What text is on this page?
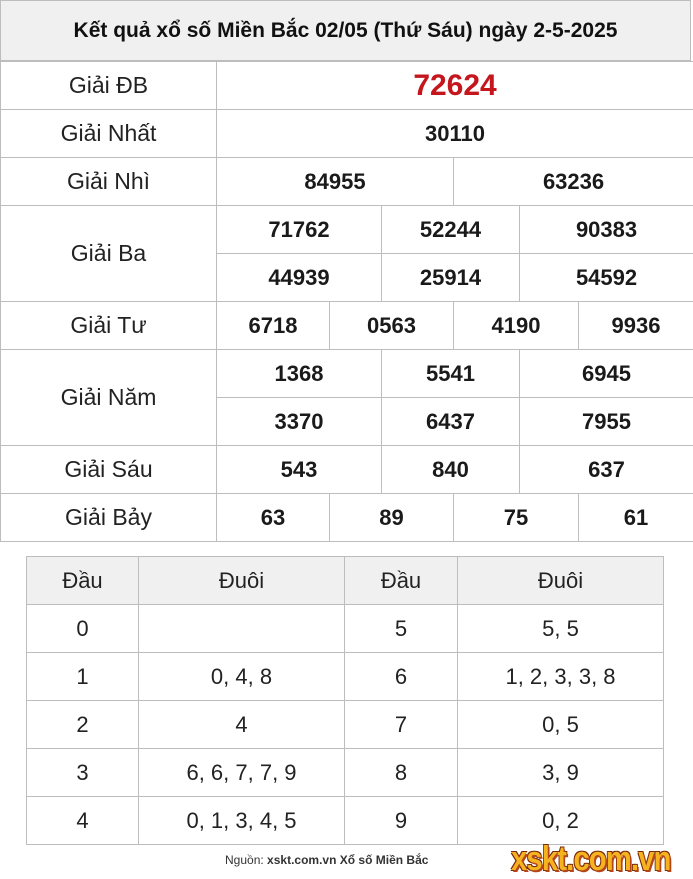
Kết quả xổ số Miền Bắc 02/05 (Thứ Sáu) ngày 2-5-2025
Giải ĐB	72624					
Giải Nhất	30110					
Giải Nhì	84955			63236		
Giải Ba	71762		52244		90383	
	44939		25914		54592	
Giải Tư	6718	0563		4190		9936
Giải Năm	1368		5541		6945	
	3370		6437		7955	
Giải Sáu	543		840		637	
Giải Bảy	63	89		75		61
Đầu	Đuôi	Đầu	Đuôi
0		5	5, 5
1	0, 4, 8	6	1, 2, 3, 3, 8
2	4	7	0, 5
3	6, 6, 7, 7, 9	8	3, 9
4	0, 1, 3, 4, 5	9	0, 2
Nguồn: xskt.com.vn Xổ số Miền Bắc xskt.com.vn
